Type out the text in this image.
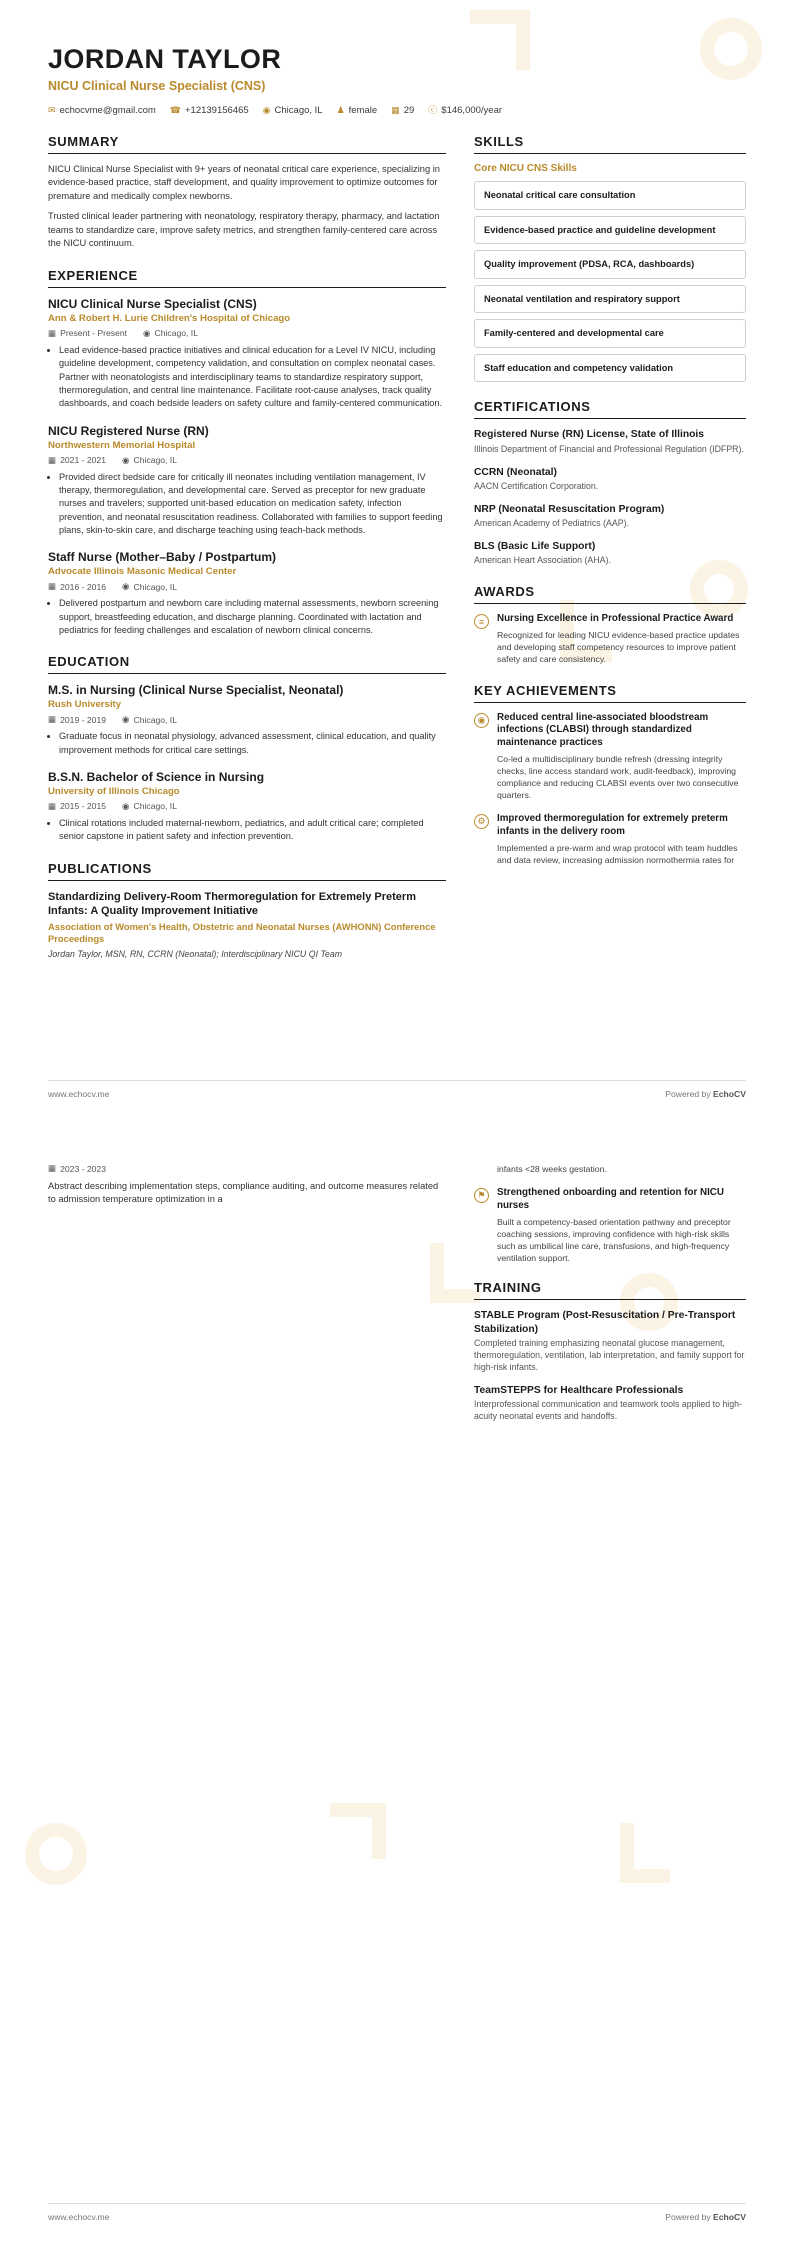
JORDAN TAYLOR
NICU Clinical Nurse Specialist (CNS)
✉ echocvme@gmail.com ☎ +12139156465 ◉ Chicago, IL ♟ female ▦ 29 ⓒ $146,000/year
SUMMARY

NICU Clinical Nurse Specialist with 9+ years of neonatal critical care experience, specializing in evidence-based practice, staff development, and quality improvement to optimize outcomes for premature and medically complex newborns.

Trusted clinical leader partnering with neonatology, respiratory therapy, pharmacy, and lactation teams to standardize care, improve safety metrics, and strengthen family-centered care across the NICU continuum.

EXPERIENCE
NICU Clinical Nurse Specialist (CNS)
Ann & Robert H. Lurie Children's Hospital of Chicago
▦ Present - Present ◉ Chicago, IL
• Lead evidence-based practice initiatives and clinical education for a Level IV NICU, including guideline development, competency validation, and consultation on complex neonatal cases. Partner with neonatologists and interdisciplinary teams to standardize respiratory support, thermoregulation, and central line maintenance. Facilitate root-cause analyses, track quality dashboards, and coach bedside leaders on safety culture and family-centered communication.
NICU Registered Nurse (RN)
Northwestern Memorial Hospital
▦ 2021 - 2021 ◉ Chicago, IL
• Provided direct bedside care for critically ill neonates including ventilation management, IV therapy, thermoregulation, and developmental care. Served as preceptor for new graduate nurses and travelers; supported unit-based education on medication safety, infection prevention, and neonatal resuscitation readiness. Collaborated with families to support feeding plans, skin-to-skin care, and discharge teaching using teach-back methods.
Staff Nurse (Mother–Baby / Postpartum)
Advocate Illinois Masonic Medical Center
▦ 2016 - 2016 ◉ Chicago, IL
• Delivered postpartum and newborn care including maternal assessments, newborn screening support, breastfeeding education, and discharge planning. Coordinated with lactation and pediatrics for feeding challenges and escalation of newborn clinical concerns.
EDUCATION
M.S. in Nursing (Clinical Nurse Specialist, Neonatal)
Rush University
▦ 2019 - 2019 ◉ Chicago, IL
• Graduate focus in neonatal physiology, advanced assessment, clinical education, and quality improvement methods for critical care settings.
B.S.N. Bachelor of Science in Nursing
University of Illinois Chicago
▦ 2015 - 2015 ◉ Chicago, IL
• Clinical rotations included maternal-newborn, pediatrics, and adult critical care; completed senior capstone in patient safety and infection prevention.
PUBLICATIONS
Standardizing Delivery-Room Thermoregulation for Extremely Preterm Infants: A Quality Improvement Initiative
Association of Women's Health, Obstetric and Neonatal Nurses (AWHONN) Conference Proceedings
Jordan Taylor, MSN, RN, CCRN (Neonatal); Interdisciplinary NICU QI Team
SKILLS
Core NICU CNS Skills
Neonatal critical care consultation
Evidence-based practice and guideline development
Quality improvement (PDSA, RCA, dashboards)
Neonatal ventilation and respiratory support
Family-centered and developmental care
Staff education and competency validation
CERTIFICATIONS
Registered Nurse (RN) License, State of Illinois
Illinois Department of Financial and Professional Regulation (IDFPR).
CCRN (Neonatal)
AACN Certification Corporation.
NRP (Neonatal Resuscitation Program)
American Academy of Pediatrics (AAP).
BLS (Basic Life Support)
American Heart Association (AHA).
AWARDS
≡	Nursing Excellence in Professional Practice Award
Recognized for leading NICU evidence-based practice updates and developing staff competency resources to improve patient safety and care consistency.
KEY ACHIEVEMENTS
◉	Reduced central line-associated bloodstream infections (CLABSI) through standardized maintenance practices
Co-led a multidisciplinary bundle refresh (dressing integrity checks, line access standard work, audit-feedback), improving compliance and reducing CLABSI events over two consecutive quarters.
⚙	Improved thermoregulation for extremely preterm infants in the delivery room
Implemented a pre-warm and wrap protocol with team huddles and data review, increasing admission normothermia rates for
www.echocv.me	Powered by EchoCV
▦ 2023 - 2023

Abstract describing implementation steps, compliance auditing, and outcome measures related to admission temperature optimization in a

infants <28 weeks gestation.
⚑	Strengthened onboarding and retention for NICU nurses
Built a competency-based orientation pathway and preceptor coaching sessions, improving confidence with high-risk skills such as umbilical line care, transfusions, and high-frequency ventilation support.
TRAINING
STABLE Program (Post-Resuscitation / Pre-Transport Stabilization)
Completed training emphasizing neonatal glucose management, thermoregulation, ventilation, lab interpretation, and family support for high-risk infants.
TeamSTEPPS for Healthcare Professionals
Interprofessional communication and teamwork tools applied to high-acuity neonatal events and handoffs.
www.echocv.me	Powered by EchoCV
